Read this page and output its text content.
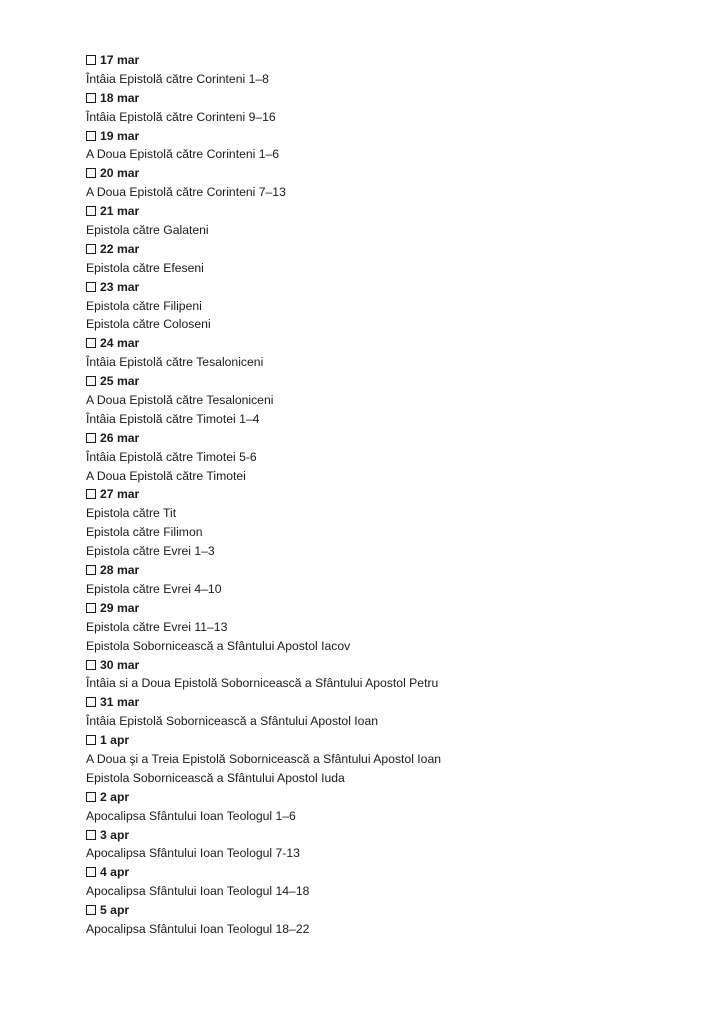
17 mar
Întâia Epistolă către Corinteni 1–8
18 mar
Întâia Epistolă către Corinteni 9–16
19 mar
A Doua Epistolă către Corinteni 1–6
20 mar
A Doua Epistolă către Corinteni 7–13
21 mar
Epistola către Galateni
22 mar
Epistola către Efeseni
23 mar
Epistola către Filipeni
Epistola către Coloseni
24 mar
Întâia Epistolă către Tesaloniceni
25 mar
A Doua Epistolă către Tesaloniceni
Întâia Epistolă către Timotei 1–4
26 mar
Întâia Epistolă către Timotei 5-6
A Doua Epistolă către Timotei
27 mar
Epistola către Tit
Epistola către Filimon
Epistola către Evrei 1–3
28 mar
Epistola către Evrei 4–10
29 mar
Epistola către Evrei 11–13
Epistola Sobornicească a Sfântului Apostol Iacov
30 mar
Întâia si a Doua Epistolă Sobornicească a Sfântului Apostol Petru
31 mar
Întâia Epistolă Sobornicească a Sfântului Apostol Ioan
1 apr
A Doua şi a Treia Epistolă Sobornicească a Sfântului Apostol Ioan
Epistola Sobornicească a Sfântului Apostol Iuda
2 apr
Apocalipsa Sfântului Ioan Teologul 1–6
3 apr
Apocalipsa Sfântului Ioan Teologul 7-13
4 apr
Apocalipsa Sfântului Ioan Teologul 14–18
5 apr
Apocalipsa Sfântului Ioan Teologul 18–22
